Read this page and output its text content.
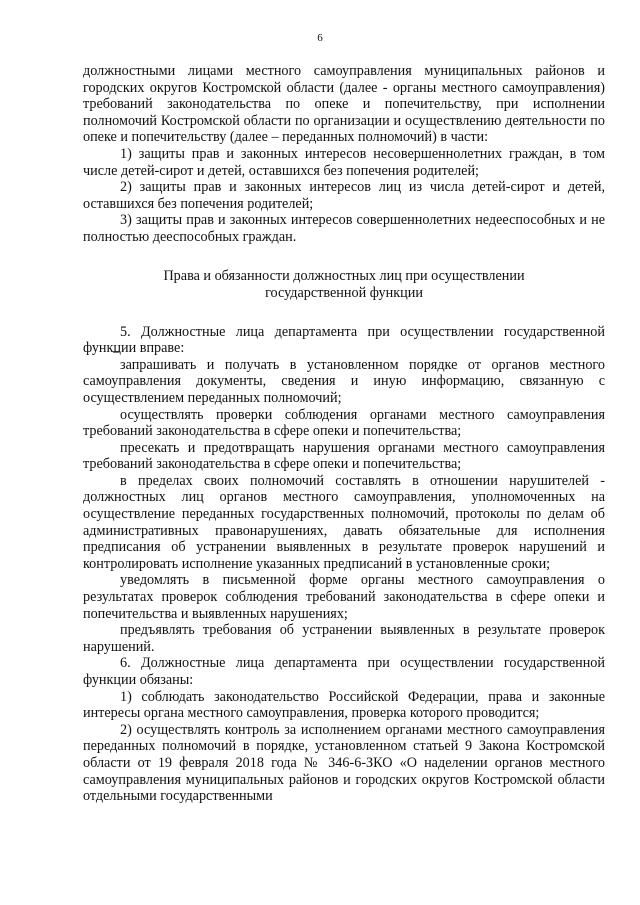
6

должностными лицами местного самоуправления муниципальных районов и городских округов Костромской области (далее - органы местного самоуправления) требований законодательства по опеке и попечительству, при исполнении полномочий Костромской области по организации и осуществлению деятельности по опеке и попечительству (далее – переданных полномочий) в части:

1) защиты прав и законных интересов несовершеннолетних граждан, в том числе детей-сирот и детей, оставшихся без попечения родителей;

2) защиты прав и законных интересов лиц из числа детей-сирот и детей, оставшихся без попечения родителей;

3) защиты прав и законных интересов совершеннолетних недееспособных и не полностью дееспособных граждан.

Права и обязанности должностных лиц при осуществлении
государственной функции

5. Должностные лица департамента при осуществлении государственной функции вправе:

запрашивать и получать в установленном порядке от органов местного самоуправления документы, сведения и иную информацию, связанную с осуществлением переданных полномочий;

осуществлять проверки соблюдения органами местного самоуправления требований законодательства в сфере опеки и попечительства;

пресекать и предотвращать нарушения органами местного самоуправления требований законодательства в сфере опеки и попечительства;

в пределах своих полномочий составлять в отношении нарушителей - должностных лиц органов местного самоуправления, уполномоченных на осуществление переданных государственных полномочий, протоколы по делам об административных правонарушениях, давать обязательные для исполнения предписания об устранении выявленных в результате проверок нарушений и контролировать исполнение указанных предписаний в установленные сроки;

уведомлять в письменной форме органы местного самоуправления о результатах проверок соблюдения требований законодательства в сфере опеки и попечительства и выявленных нарушениях;

предъявлять требования об устранении выявленных в результате проверок нарушений.

6. Должностные лица департамента при осуществлении государственной функции обязаны:

1) соблюдать законодательство Российской Федерации, права и законные интересы органа местного самоуправления, проверка которого проводится;

2) осуществлять контроль за исполнением органами местного самоуправления переданных полномочий в порядке, установленном статьей 9 Закона Костромской области от 19 февраля 2018 года № 346-6-ЗКО «О наделении органов местного самоуправления муниципальных районов и городских округов Костромской области отдельными государственными
